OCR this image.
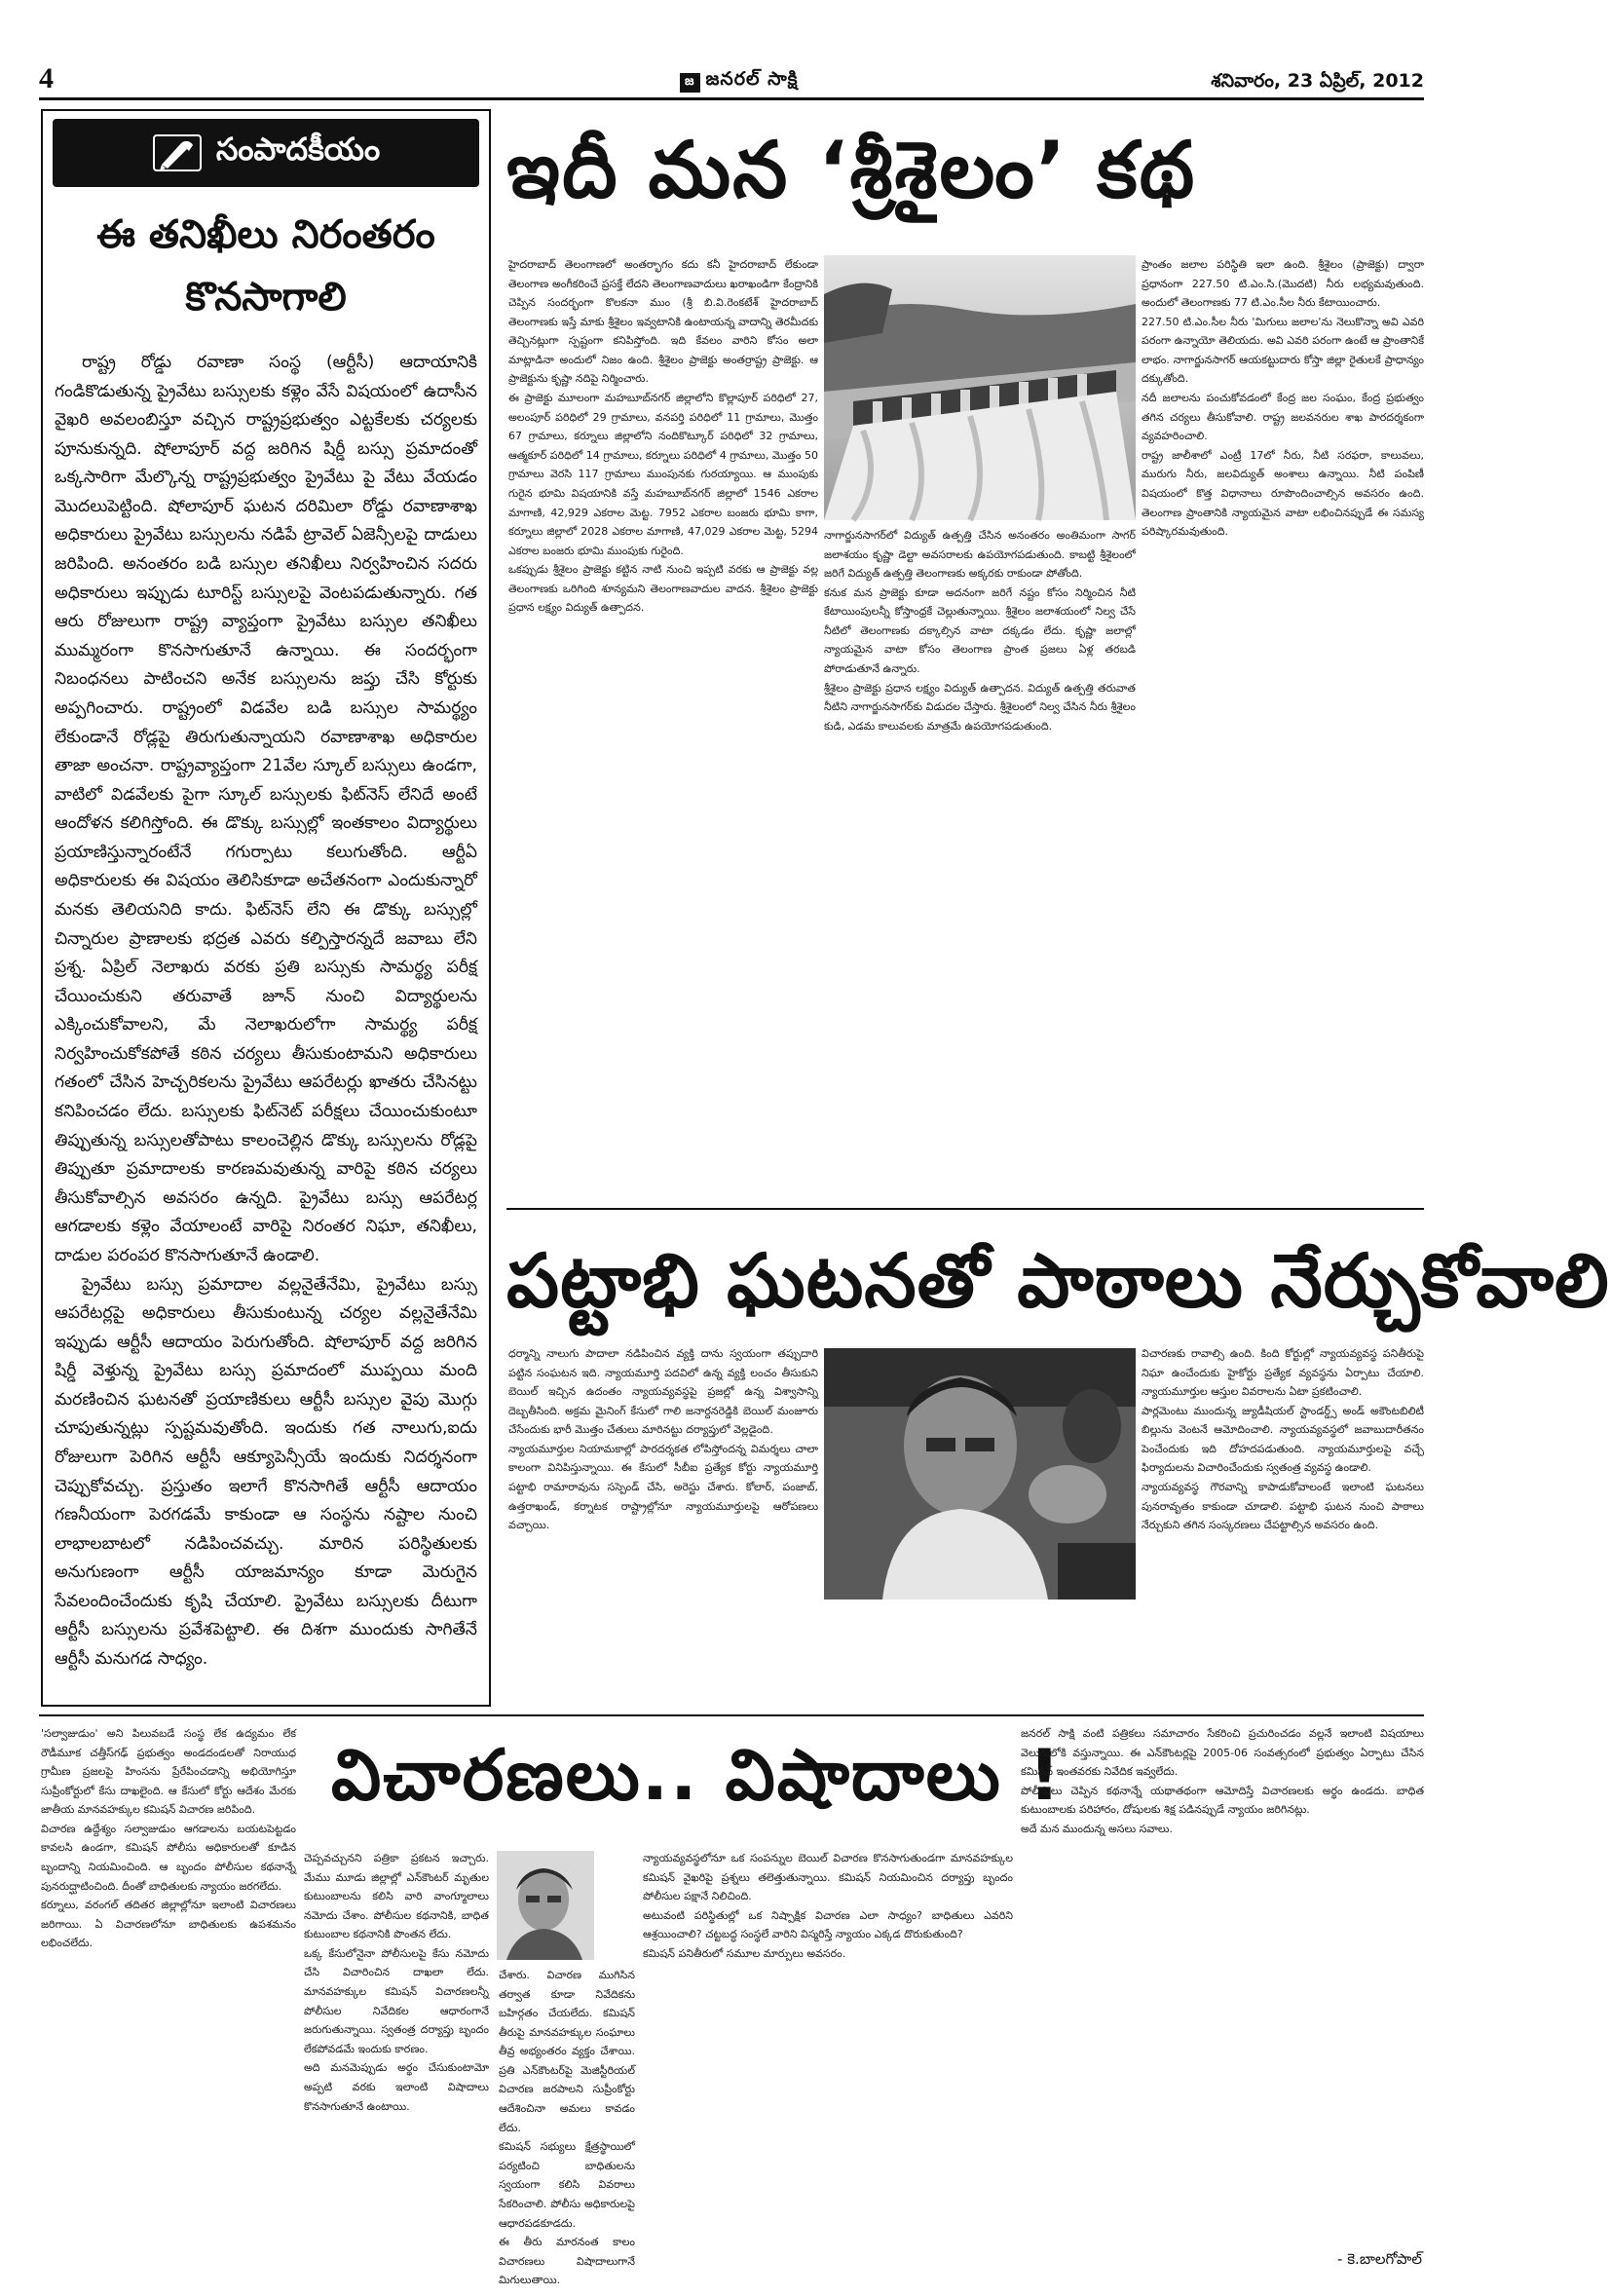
4	జ జనరల్ సాక్షి	శనివారం, 23 ఏప్రిల్, 2012
సంపాదకీయం
ఈ తనిఖీలు నిరంతరం
కొనసాగాలి

రాష్ట్ర రోడ్డు రవాణా సంస్థ (ఆర్టీసీ) ఆదాయానికి గండికొడుతున్న ప్రైవేటు బస్సులకు కళ్లెం వేసే విషయంలో ఉదాసీన వైఖరి అవలంబిస్తూ వచ్చిన రాష్ట్రప్రభుత్వం ఎట్టకేలకు చర్యలకు పూనుకున్నది. షోలాపూర్ వద్ద జరిగిన షిర్డీ బస్సు ప్రమాదంతో ఒక్కసారిగా మేల్కొన్న రాష్ట్రప్రభుత్వం ప్రైవేటు పై వేటు వేయడం మొదలుపెట్టింది. షోలాపూర్ ఘటన దరిమిలా రోడ్డు రవాణాశాఖ అధికారులు ప్రైవేటు బస్సులను నడిపే ట్రావెల్ ఏజెన్సీలపై దాడులు జరిపింది. అనంతరం బడి బస్సుల తనిఖీలు నిర్వహించిన సదరు అధికారులు ఇప్పుడు టూరిస్ట్ బస్సులపై వెంటపడుతున్నారు. గత ఆరు రోజులుగా రాష్ట్ర వ్యాప్తంగా ప్రైవేటు బస్సుల తనిఖీలు ముమ్మరంగా కొనసాగుతూనే ఉన్నాయి. ఈ సందర్భంగా నిబంధనలు పాటించని అనేక బస్సులను జప్తు చేసి కోర్టుకు అప్పగించారు. రాష్ట్రంలో విడవేల బడి బస్సుల సామర్థ్యం లేకుండానే రోడ్లపై తిరుగుతున్నాయని రవాణాశాఖ అధికారుల తాజా అంచనా. రాష్ట్రవ్యాప్తంగా 21వేల స్కూల్ బస్సులు ఉండగా, వాటిలో విడవేలకు పైగా స్కూల్ బస్సులకు ఫిట్‌నెస్ లేనిదే అంటే ఆందోళన కలిగిస్తోంది. ఈ డొక్కు బస్సుల్లో ఇంతకాలం విద్యార్థులు ప్రయాణిస్తున్నారంటేనే గగుర్పాటు కలుగుతోంది. ఆర్టీఏ అధికారులకు ఈ విషయం తెలిసికూడా అచేతనంగా ఎందుకున్నారో మనకు తెలియనిది కాదు. ఫిట్‌నెస్ లేని ఈ డొక్కు బస్సుల్లో చిన్నారుల ప్రాణాలకు భద్రత ఎవరు కల్పిస్తారన్నదే జవాబు లేని ప్రశ్న. ఏప్రిల్ నెలాఖరు వరకు ప్రతి బస్సుకు సామర్థ్య పరీక్ష చేయించుకుని తరువాతే జూన్ నుంచి విద్యార్థులను ఎక్కించుకోవాలని, మే నెలాఖరులోగా సామర్థ్య పరీక్ష నిర్వహించుకోకపోతే కఠిన చర్యలు తీసుకుంటామని అధికారులు గతంలో చేసిన హెచ్చరికలను ప్రైవేటు ఆపరేటర్లు ఖాతరు చేసినట్టు కనిపించడం లేదు. బస్సులకు ఫిట్‌నెట్ పరీక్షలు చేయించుకుంటూ తిప్పుతున్న బస్సులతోపాటు కాలంచెల్లిన డొక్కు బస్సులను రోడ్లపై తిప్పుతూ ప్రమాదాలకు కారణమవుతున్న వారిపై కఠిన చర్యలు తీసుకోవాల్సిన అవసరం ఉన్నది. ప్రైవేటు బస్సు ఆపరేటర్ల ఆగడాలకు కళ్లెం వేయాలంటే వారిపై నిరంతర నిఘా, తనిఖీలు, దాడుల పరంపర కొనసాగుతూనే ఉండాలి.

ప్రైవేటు బస్సు ప్రమాదాల వల్లనైతేనేమి, ప్రైవేటు బస్సు ఆపరేటర్లపై అధికారులు తీసుకుంటున్న చర్యల వల్లనైతేనేమి ఇప్పుడు ఆర్టీసీ ఆదాయం పెరుగుతోంది. షోలాపూర్ వద్ద జరిగిన షిర్డీ వెళ్తున్న ప్రైవేటు బస్సు ప్రమాదంలో ముప్పయి మంది మరణించిన ఘటనతో ప్రయాణికులు ఆర్టీసీ బస్సుల వైపు మొగ్గు చూపుతున్నట్లు స్పష్టమవుతోంది. ఇందుకు గత నాలుగు,ఐదు రోజులుగా పెరిగిన ఆర్టీసీ ఆక్యూపెన్సీయే ఇందుకు నిదర్శనంగా చెప్పుకోవచ్చు. ప్రస్తుతం ఇలాగే కొనసాగితే ఆర్టీసీ ఆదాయం గణనీయంగా పెరగడమే కాకుండా ఆ సంస్థను నష్టాల నుంచి లాభాలబాటలో నడిపించవచ్చు. మారిన పరిస్థితులకు అనుగుణంగా ఆర్టీసీ యాజమాన్యం కూడా మెరుగైన సేవలందించేందుకు కృషి చేయాలి. ప్రైవేటు బస్సులకు దీటుగా ఆర్టీసీ బస్సులను ప్రవేశపెట్టాలి. ఈ దిశగా ముందుకు సాగితేనే ఆర్టీసీ మనుగడ సాధ్యం.

ఇదీ మన ‘శ్రీశైలం’ కథ
హైదరాబాద్ తెలంగాణలో అంతర్భాగం కదు కనీ హైదరాబాద్ లేకుండా తెలంగాణ అంగీకరించే ప్రసక్తే లేదని తెలంగాణవాదులు ఖరాఖండిగా కేంద్రానికి చెప్పిన సందర్భంగా కొలకనా ముం (శ్రీ బి.వి.రెంకటేశ్ హైదరాబాద్ తెలంగాణకు ఇస్తే మాకు శ్రీశైలం ఇవ్వటానికి ఉంటాయన్న వాదాన్ని తెరమీదకు తెచ్చినట్లుగా స్పష్టంగా కనిపిస్తోంది. ఇది కేవలం వారిని కోసం అలా మాట్లాడినా అందులో నిజం ఉంది. శ్రీశైలం ప్రాజెక్టు అంతర్రాష్ట్ర ప్రాజెక్టు. ఆ ప్రాజెక్టును కృష్ణా నదిపై నిర్మించారు.
ఈ ప్రాజెక్టు మూలంగా మహబూబ్‌నగర్ జిల్లాలోని కొల్లాపూర్ పరిధిలో 27, అలంపూర్ పరిధిలో 29 గ్రామాలు, వనపర్తి పరిధిలో 11 గ్రామాలు, మొత్తం 67 గ్రామాలు, కర్నూలు జిల్లాలోని నందికొట్కూర్ పరిధిలో 32 గ్రామాలు, ఆత్మకూర్ పరిధిలో 14 గ్రామాలు, కర్నూలు పరిధిలో 4 గ్రామాలు, మొత్తం 50 గ్రామాలు వెరసి 117 గ్రామాలు ముంపునకు గురయ్యాయి. ఆ ముంపుకు గురైన భూమి విషయానికి వస్తే మహబూబ్‌నగర్ జిల్లాలో 1546 ఎకరాల మాగాణి, 42,929 ఎకరాల మెట్ట. 7952 ఎకరాల బంజరు భూమి కాగా, కర్నూలు జిల్లాలో 2028 ఎకరాల మాగాణి, 47,029 ఎకరాల మెట్ట, 5294 ఎకరాల బంజరు భూమి ముంపుకు గురైంది.
ఒకప్పుడు శ్రీశైలం ప్రాజెక్టు కట్టిన నాటి నుంచి ఇప్పటి వరకు ఆ ప్రాజెక్టు వల్ల తెలంగాణకు ఒరిగింది శూన్యమని తెలంగాణవాదుల వాదన. శ్రీశైలం ప్రాజెక్టు ప్రధాన లక్ష్యం విద్యుత్ ఉత్పాదన.
నాగార్జునసాగర్‌లో విద్యుత్ ఉత్పత్తి చేసిన అనంతరం అంతిమంగా సాగర్ జలాశయం కృష్ణా డెల్టా అవసరాలకు ఉపయోగపడుతుంది. కాబట్టి శ్రీశైలంలో జరిగే విద్యుత్ ఉత్పత్తి తెలంగాణకు అక్కరకు రాకుండా పోతోంది.
కనుక మన ప్రాజెక్టు కూడా అదనంగా జరిగే నష్టం కోసం నిర్మించిన నీటి కేటాయింపులన్నీ కోస్తాంధ్రకే చెల్లుతున్నాయి. శ్రీశైలం జలాశయంలో నిల్వ చేసే నీటిలో తెలంగాణకు దక్కాల్సిన వాటా దక్కడం లేదు. కృష్ణా జలాల్లో న్యాయమైన వాటా కోసం తెలంగాణ ప్రాంత ప్రజలు ఏళ్ల తరబడి పోరాడుతూనే ఉన్నారు.
శ్రీశైలం ప్రాజెక్టు ప్రధాన లక్ష్యం విద్యుత్ ఉత్పాదన. విద్యుత్ ఉత్పత్తి తరువాత నీటిని నాగార్జునసాగర్‌కు విడుదల చేస్తారు. శ్రీశైలంలో నిల్వ చేసిన నీరు శ్రీశైలం కుడి, ఎడమ కాలువలకు మాత్రమే ఉపయోగపడుతుంది.
ప్రాంతం జలాల పరిస్థితి ఇలా ఉంది. శ్రీశైలం (ప్రాజెక్టు) ద్వారా ప్రధానంగా 227.50 టి.ఎం.సి.(మొదటి) నీరు లభ్యమవుతుంది. అందులో తెలంగాణకు 77 టి.ఎం.సీల నీరు కేటాయించారు.
227.50 టి.ఎం.సీల నీరు 'మిగులు జలాల'ను నెలుకొన్నా అవి ఎవరి పరంగా ఉన్నాయో తెలియదు. అవి ఎవరి పరంగా ఉంటే ఆ ప్రాంతానికే లాభం. నాగార్జునసాగర్ ఆయకట్టుదారు కోస్తా జిల్లా రైతులకే ప్రాధాన్యం దక్కుతోంది.
నదీ జలాలను పంచుకోవడంలో కేంద్ర జల సంఘం, కేంద్ర ప్రభుత్వం తగిన చర్యలు తీసుకోవాలి. రాష్ట్ర జలవనరుల శాఖ పారదర్శకంగా వ్యవహరించాలి.
రాష్ట్ర జాలీశాలో ఎంట్రీ 17లో నీరు, నీటి సరఫరా, కాలువలు, మురుగు నీరు, జలవిద్యుత్ అంశాలు ఉన్నాయి. నీటి పంపిణీ విషయంలో కొత్త విధానాలు రూపొందించాల్సిన అవసరం ఉంది. తెలంగాణ ప్రాంతానికి న్యాయమైన వాటా లభించినప్పుడే ఈ సమస్య పరిష్కారమవుతుంది.
పట్టాభి ఘటనతో పాఠాలు నేర్చుకోవాలి
ధర్మాన్ని నాలుగు పాదాలా నడిపించిన వ్యక్తి దాను స్వయంగా తప్పుదారి పట్టిన సంఘటన ఇది. న్యాయమూర్తి పదవిలో ఉన్న వ్యక్తి లంచం తీసుకుని బెయిల్ ఇచ్చిన ఉదంతం న్యాయవ్యవస్థపై ప్రజల్లో ఉన్న విశ్వాసాన్ని దెబ్బతీసింది. అక్రమ మైనింగ్ కేసులో గాలి జనార్దనరెడ్డికి బెయిల్ మంజూరు చేసేందుకు భారీ మొత్తం చేతులు మారినట్టు దర్యాప్తులో వెల్లడైంది.
న్యాయమూర్తుల నియామకాల్లో పారదర్శకత లోపిస్తోందన్న విమర్శలు చాలా కాలంగా వినిపిస్తున్నాయి. ఈ కేసులో సీబీఐ ప్రత్యేక కోర్టు న్యాయమూర్తి పట్టాభి రామారావును సస్పెండ్ చేసి, అరెస్టు చేశారు. కోలార్, పంజాబ్, ఉత్తరాఖండ్, కర్నాటక రాష్ట్రాల్లోనూ న్యాయమూర్తులపై ఆరోపణలు వచ్చాయి.
విచారణకు రావాల్సి ఉంది. కింది కోర్టుల్లో న్యాయవ్యవస్థ పనితీరుపై నిఘా ఉంచేందుకు హైకోర్టు ప్రత్యేక వ్యవస్థను ఏర్పాటు చేయాలి. న్యాయమూర్తుల ఆస్తుల వివరాలను ఏటా ప్రకటించాలి.
పార్లమెంటు ముందున్న జ్యుడీషియల్ స్టాండర్డ్స్ అండ్ అకౌంటబిలిటీ బిల్లును వెంటనే ఆమోదించాలి. న్యాయవ్యవస్థలో జవాబుదారీతనం పెంచేందుకు ఇది దోహదపడుతుంది. న్యాయమూర్తులపై వచ్చే ఫిర్యాదులను విచారించేందుకు స్వతంత్ర వ్యవస్థ ఉండాలి.
న్యాయవ్యవస్థ గౌరవాన్ని కాపాడుకోవాలంటే ఇలాంటి ఘటనలు పునరావృతం కాకుండా చూడాలి. పట్టాభి ఘటన నుంచి పాఠాలు నేర్చుకుని తగిన సంస్కరణలు చేపట్టాల్సిన అవసరం ఉంది.
'సల్వాజుడుం' అని పిలువబడే సంస్థ లేక ఉద్యమం లేక రౌడీమూక చత్తీస్‌గఢ్ ప్రభుత్వం అండదండలతో నిరాయుధ గ్రామీణ ప్రజలపై హింసను ప్రేరేపించడాన్ని అభియోగిస్తూ సుప్రీంకోర్టులో కేసు దాఖలైంది. ఆ కేసులో కోర్టు ఆదేశం మేరకు జాతీయ మానవహక్కుల కమిషన్ విచారణ జరిపింది.
విచారణ ఉద్దేశ్యం సల్వాజుడుం ఆగడాలను బయటపెట్టడం కావలసి ఉండగా, కమిషన్ పోలీసు అధికారులతో కూడిన బృందాన్ని నియమించింది. ఆ బృందం పోలీసుల కథనాన్నే పునరుద్ఘాటించింది. దీంతో బాధితులకు న్యాయం జరగలేదు.
కర్నూలు, వరంగల్ తదితర జిల్లాల్లోనూ ఇలాంటి విచారణలు జరిగాయి. ఏ విచారణలోనూ బాధితులకు ఉపశమనం లభించలేదు.
విచారణలు.. విషాదాలు !
చెప్పవచ్చునని పత్రికా ప్రకటన ఇచ్చారు. మేము మూడు జిల్లాల్లో ఎన్‌కౌంటర్ మృతుల కుటుంబాలను కలిసి వారి వాంగ్మూలాలు నమోదు చేశాం. పోలీసుల కథనానికి, బాధిత కుటుంబాల కథనానికి పొంతన లేదు.
ఒక్క కేసులోనైనా పోలీసులపై కేసు నమోదు చేసి విచారించిన దాఖలా లేదు. మానవహక్కుల కమిషన్ విచారణలన్నీ పోలీసుల నివేదికల ఆధారంగానే జరుగుతున్నాయి. స్వతంత్ర దర్యాప్తు బృందం లేకపోవడమే ఇందుకు కారణం.
అది మనమెప్పుడు అర్థం చేసుకుంటామో అప్పటి వరకు ఇలాంటి విషాదాలు కొనసాగుతూనే ఉంటాయి.
చేశారు. విచారణ ముగిసిన తర్వాత కూడా నివేదికను బహిర్గతం చేయలేదు. కమిషన్ తీరుపై మానవహక్కుల సంఘాలు తీవ్ర అభ్యంతరం వ్యక్తం చేశాయి. ప్రతి ఎన్‌కౌంటర్‌పై మెజిస్టీరియల్ విచారణ జరపాలని సుప్రీంకోర్టు ఆదేశించినా అమలు కావడం లేదు.
కమిషన్ సభ్యులు క్షేత్రస్థాయిలో పర్యటించి బాధితులను స్వయంగా కలిసి వివరాలు సేకరించాలి. పోలీసు అధికారులపై ఆధారపడకూడదు.
ఈ తీరు మారనంత కాలం విచారణలు విషాదాలుగానే మిగులుతాయి.
న్యాయవ్యవస్థలోనూ ఒక సంపన్నుల బెయిల్ విచారణ కొనసాగుతుండగా మానవహక్కుల కమిషన్ వైఖరిపై ప్రశ్నలు తలెత్తుతున్నాయి. కమిషన్ నియమించిన దర్యాప్తు బృందం పోలీసుల పక్షానే నిలిచింది.
అటువంటి పరిస్థితుల్లో ఒక నిష్పాక్షిక విచారణ ఎలా సాధ్యం? బాధితులు ఎవరిని ఆశ్రయించాలి? చట్టబద్ధ సంస్థలే వారిని విస్మరిస్తే న్యాయం ఎక్కడ దొరుకుతుంది?
కమిషన్ పనితీరులో సమూల మార్పులు అవసరం.
జనరల్ సాక్షి వంటి పత్రికలు సమాచారం సేకరించి ప్రచురించడం వల్లనే ఇలాంటి విషయాలు వెలుగులోకి వస్తున్నాయి. ఈ ఎన్‌కౌంటర్లపై 2005-06 సంవత్సరంలో ప్రభుత్వం ఏర్పాటు చేసిన కమిషన్ ఇంతవరకు నివేదిక ఇవ్వలేదు.
పోలీసులు చెప్పిన కథనాన్నే యథాతథంగా ఆమోదిస్తే విచారణలకు అర్థం ఉండదు. బాధిత కుటుంబాలకు పరిహారం, దోషులకు శిక్ష పడినప్పుడే న్యాయం జరిగినట్లు.
అదే మన ముందున్న అసలు సవాలు.
- కె.బాలగోపాల్
